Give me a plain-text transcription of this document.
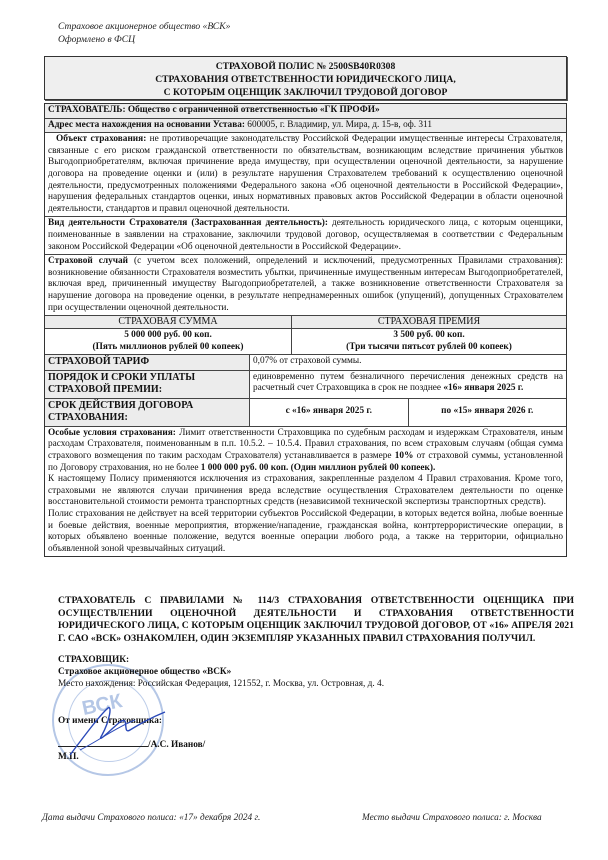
Страховое акционерное общество «ВСК»
Оформлено в ФСЦ
СТРАХОВОЙ ПОЛИС № 2500SB40R0308
СТРАХОВАНИЯ ОТВЕТСТВЕННОСТИ ЮРИДИЧЕСКОГО ЛИЦА,
С КОТОРЫМ ОЦЕНЩИК ЗАКЛЮЧИЛ ТРУДОВОЙ ДОГОВОР
СТРАХОВАТЕЛЬ: Общество с ограниченной ответственностью «ГК ПРОФИ»
Адрес места нахождения на основании Устава: 600005, г. Владимир, ул. Мира, д. 15-в, оф. 311
Объект страхования: не противоречащие законодательству Российской Федерации имущественные интересы Страхователя, связанные с его риском гражданской ответственности по обязательствам, возникающим вследствие причинения убытков Выгодоприобретателям, включая причинение вреда имуществу, при осуществлении оценочной деятельности, за нарушение договора на проведение оценки и (или) в результате нарушения Страхователем требований к осуществлению оценочной деятельности, предусмотренных положениями Федерального закона «Об оценочной деятельности в Российской Федерации», нарушения федеральных стандартов оценки, иных нормативных правовых актов Российской Федерации в области оценочной деятельности, стандартов и правил оценочной деятельности.
Вид деятельности Страхователя (Застрахованная деятельность): деятельность юридического лица, с которым оценщики, поименованные в заявлении на страхование, заключили трудовой договор, осуществляемая в соответствии с Федеральным законом Российской Федерации «Об оценочной деятельности в Российской Федерации».
Страховой случай (с учетом всех положений, определений и исключений, предусмотренных Правилами страхования): возникновение обязанности Страхователя возместить убытки, причиненные имущественным интересам Выгодоприобретателей, включая вред, причиненный имуществу Выгодоприобретателей, а также возникновение ответственности Страхователя за нарушение договора на проведение оценки, в результате непреднамеренных ошибок (упущений), допущенных Страхователем при осуществлении оценочной деятельности.
СТРАХОВАЯ СУММА	СТРАХОВАЯ ПРЕМИЯ
5 000 000 руб. 00 коп.
(Пять миллионов рублей 00 копеек)
3 500 руб. 00 коп.
(Три тысячи пятьсот рублей 00 копеек)
СТРАХОВОЙ ТАРИФ	0,07% от страховой суммы.
ПОРЯДОК И СРОКИ УПЛАТЫ СТРАХОВОЙ ПРЕМИИ:
единовременно путем безналичного перечисления денежных средств на расчетный счет Страховщика в срок не позднее «16» января 2025 г.
СРОК ДЕЙСТВИЯ ДОГОВОРА СТРАХОВАНИЯ:
с «16» января 2025 г.	по «15» января 2026 г.
Особые условия страхования: Лимит ответственности Страховщика по судебным расходам и издержкам Страхователя, иным расходам Страхователя, поименованным в п.п. 10.5.2. – 10.5.4. Правил страхования, по всем страховым случаям (общая сумма страхового возмещения по таким расходам Страхователя) устанавливается в размере 10% от страховой суммы, установленной по Договору страхования, но не более 1 000 000 руб. 00 коп. (Один миллион рублей 00 копеек).
К настоящему Полису применяются исключения из страхования, закрепленные разделом 4 Правил страхования. Кроме того, страховыми не являются случаи причинения вреда вследствие осуществления Страхователем деятельности по оценке восстановительной стоимости ремонта транспортных средств (независимой технической экспертизы транспортных средств).
Полис страхования не действует на всей территории субъектов Российской Федерации, в которых ведется война, любые военные и боевые действия, военные мероприятия, вторжение/нападение, гражданская война, контртеррористические операции, в которых объявлено военные положение, ведутся военные операции любого рода, а также на территории, официально объявленной зоной чрезвычайных ситуаций.
СТРАХОВАТЕЛЬ С ПРАВИЛАМИ № 114/3 СТРАХОВАНИЯ ОТВЕТСТВЕННОСТИ ОЦЕНЩИКА ПРИ ОСУЩЕСТВЛЕНИИ ОЦЕНОЧНОЙ ДЕЯТЕЛЬНОСТИ И СТРАХОВАНИЯ ОТВЕТСТВЕННОСТИ ЮРИДИЧЕСКОГО ЛИЦА, С КОТОРЫМ ОЦЕНЩИК ЗАКЛЮЧИЛ ТРУДОВОЙ ДОГОВОР, ОТ «16» АПРЕЛЯ 2021 Г. САО «ВСК» ОЗНАКОМЛЕН, ОДИН ЭКЗЕМПЛЯР УКАЗАННЫХ ПРАВИЛ СТРАХОВАНИЯ ПОЛУЧИЛ.
ВСК
СТРАХОВЩИК:
Страховое акционерное общество «ВСК»
Место нахождения: Российская Федерация, 121552, г. Москва, ул. Островная, д. 4.
От имени Страховщика:
/А.С. Иванов/
М.П.
Дата выдачи Страхового полиса: «17» декабря 2024 г.	Место выдачи Страхового полиса: г. Москва
